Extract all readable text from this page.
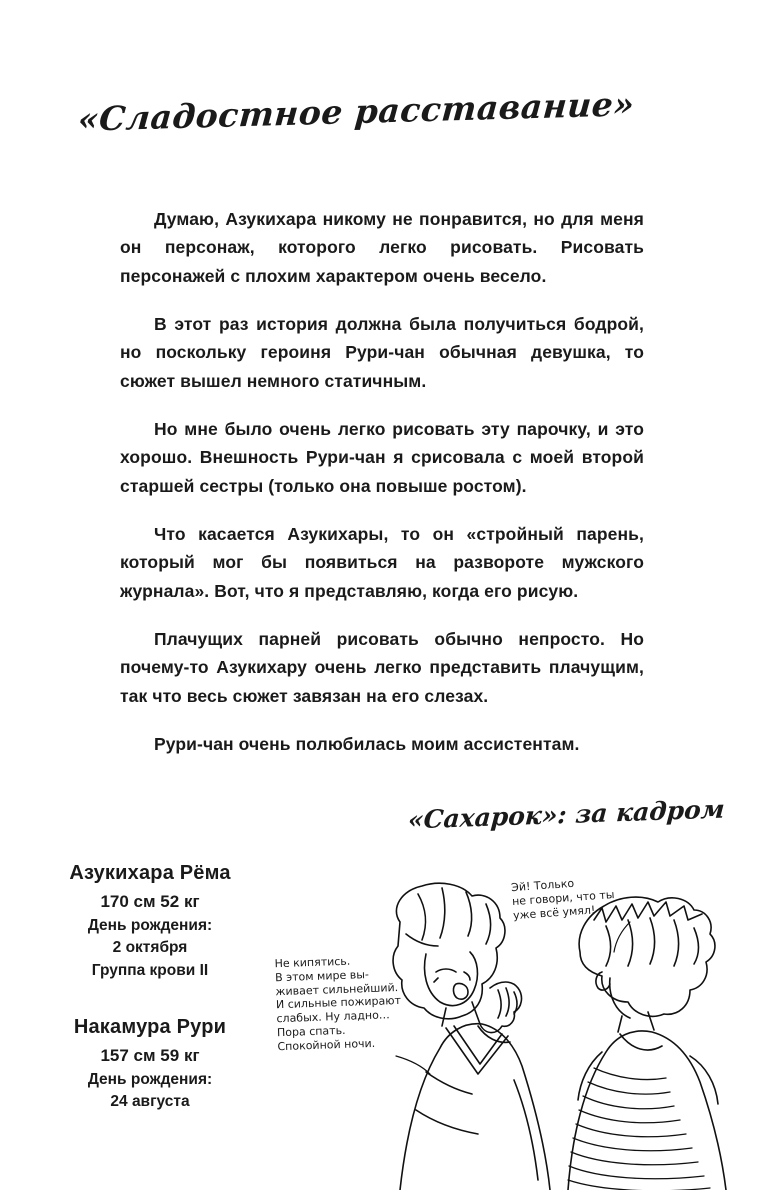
«Сладостное расставание»

Думаю, Азукихара никому не понравится, но для меня он персонаж, которого легко рисовать. Рисовать персонажей с плохим характером очень весело.

В этот раз история должна была получиться бодрой, но поскольку героиня Рури-чан обычная девушка, то сюжет вышел немного статичным.

Но мне было очень легко рисовать эту парочку, и это хорошо. Внешность Рури-чан я срисовала с моей второй старшей сестры (только она повыше ростом).

Что касается Азукихары, то он «стройный парень, который мог бы появиться на развороте мужского журнала». Вот, что я представляю, когда его рисую.

Плачущих парней рисовать обычно непросто. Но почему-то Азукихару очень легко представить плачущим, так что весь сюжет завязан на его слезах.

Рури-чан очень полюбилась моим ассистентам.

«Сахарок»: за кадром
Азукихара Рёма
170 см 52 кг
День рождения:
2 октября
Группа крови II
Накамура Рури
157 см 59 кг
День рождения:
24 августа
Не кипятись.
В этом мире вы-
живает сильнейший.
И сильные пожирают
слабых. Ну ладно…
Пора спать.
Спокойной ночи.
Эй! Только
не говори, что ты
уже всё умял!
